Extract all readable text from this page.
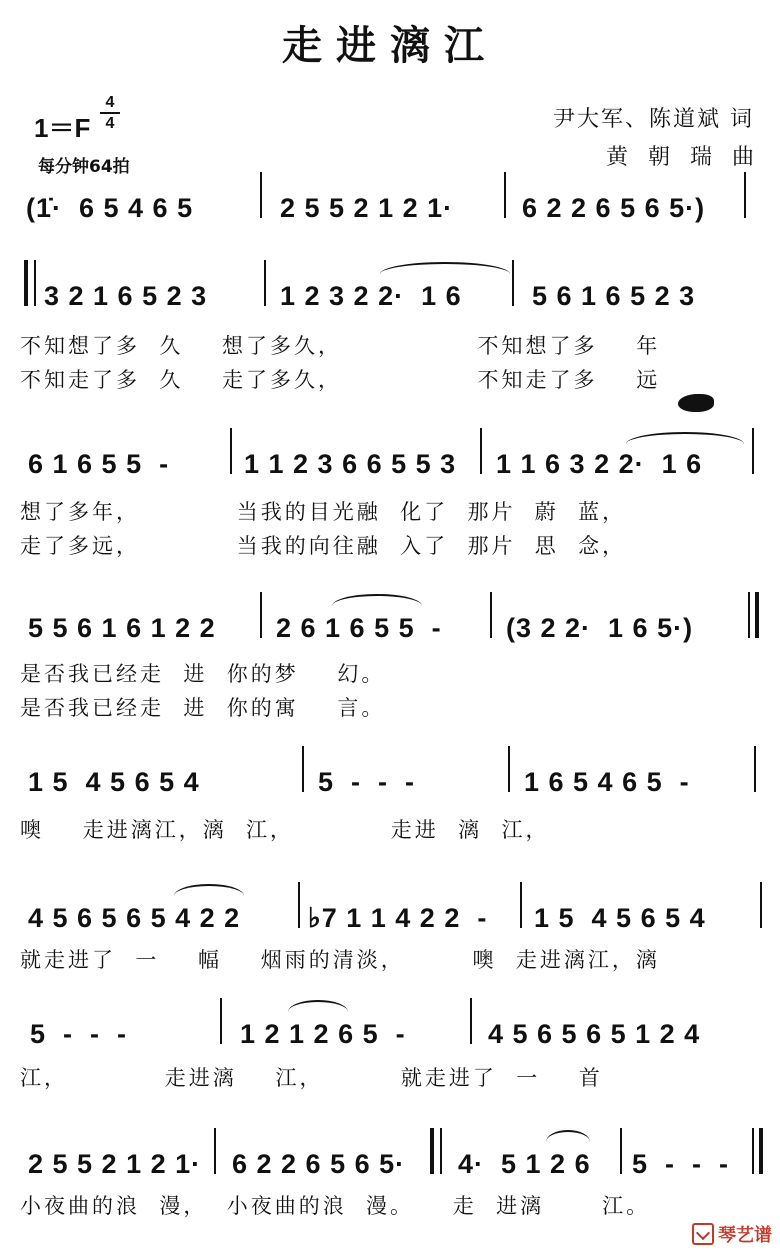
走进漓江
1＝F
4
4
每分钟64拍
尹大军、陈道斌 词
黄朝瑞曲
(1̇·  6 5 4 6 5	2 5 5 2 1 2 1·	6 2 2 6 5 6 5·)
3 2 1 6 5 2 3	1 2 3 2 2·  1 6	5 6 1 6 5 2 3
不知想了多  久    想了多久，              不知想了多    年
不知走了多  久    走了多久，              不知走了多    远
6 1 6 5 5  -	1 1 2 3 6 6 5 5 3 1 1 6 3 2 2·  1 6
想了多年，          当我的目光融  化了  那片  蔚  蓝，
走了多远，          当我的向往融  入了  那片  思  念，
5 5 6 1 6 1 2 2 2 6 1 6 5 5  - (3 2 2·  1 6 5·)
是否我已经走  进  你的梦    幻。
是否我已经走  进  你的寓    言。
1 5  4 5 6 5 4	5  -  -  -	1 6 5 4 6 5  -
噢    走进漓江，漓  江，          走进  漓  江，
4 5 6 5 6 5 4 2 2	♭7 1 1 4 2 2  - 1 5  4 5 6 5 4
就走进了  一    幅    烟雨的清淡，       噢  走进漓江，漓
5  -  -  -	1 2 1 2 6 5  -	4 5 6 5 6 5 1 2 4
江，          走进漓    江，        就走进了  一    首
2 5 5 2 1 2 1· 6 2 2 6 5 6 5· 4·  5 1 2 6 5  -  -  -
小夜曲的浪  漫，  小夜曲的浪  漫。    走  进漓      江。
琴艺谱
